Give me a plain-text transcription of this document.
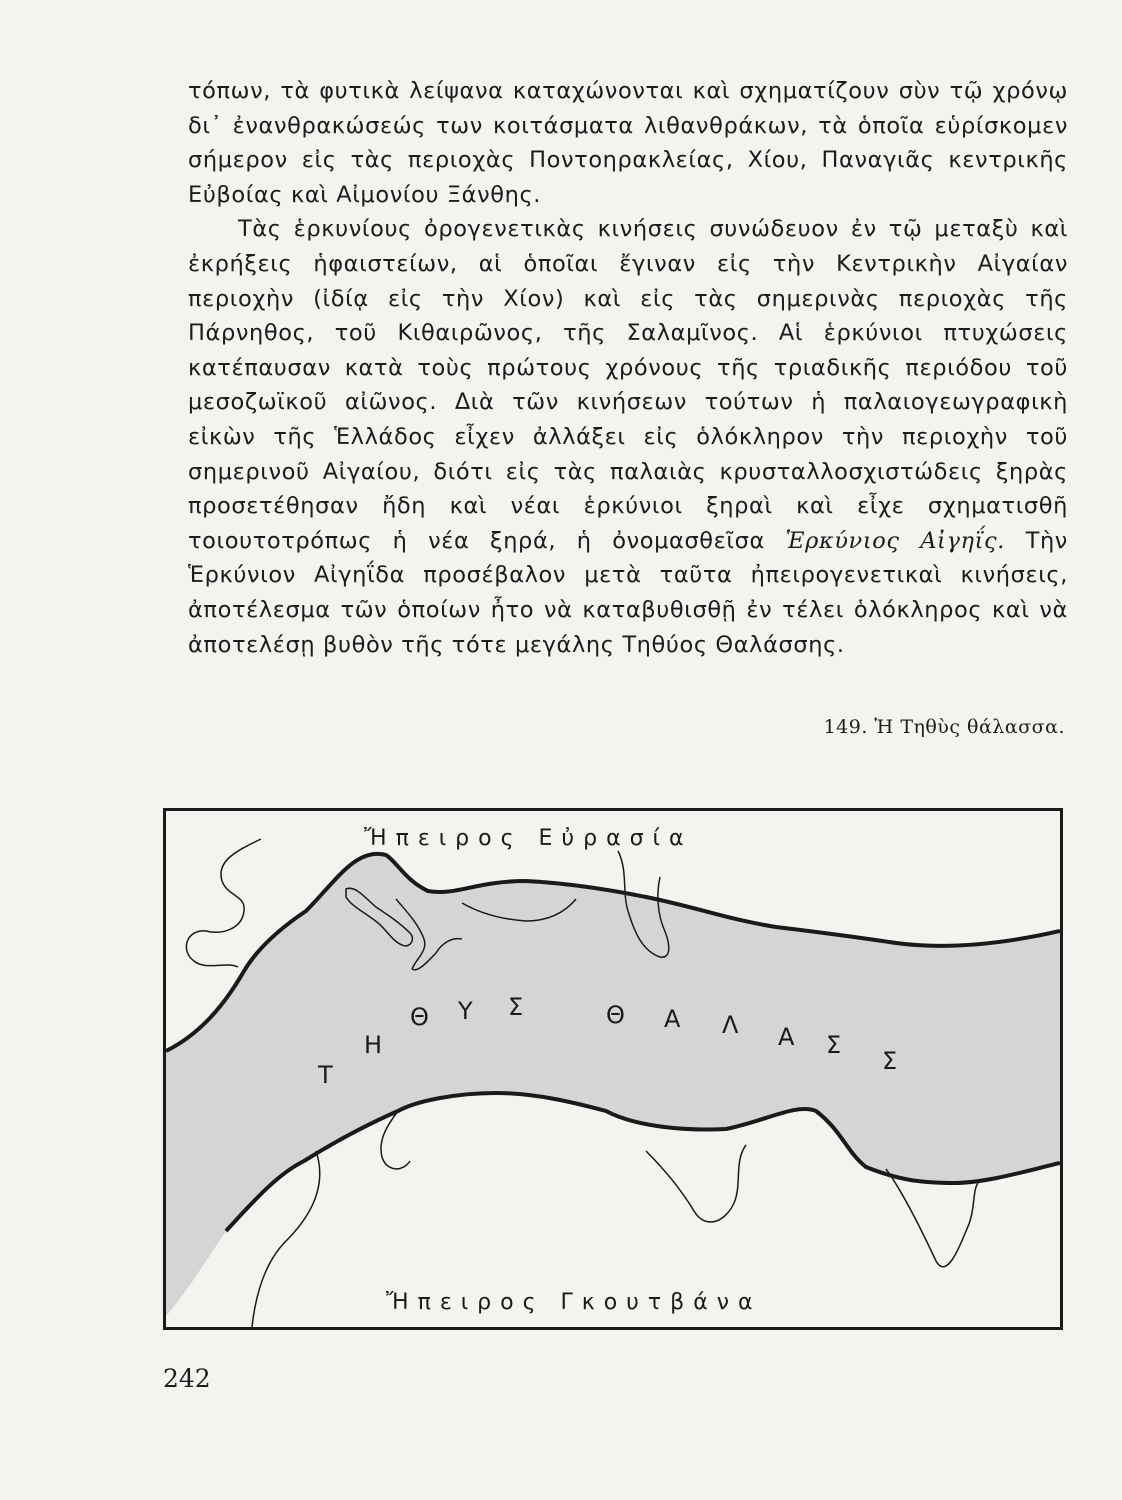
τόπων, τὰ φυτικὰ λείψανα καταχώνονται καὶ σχηματίζουν σὺν τῷ χρόνῳ δι᾽ ἐνανθρακώσεώς των κοιτάσματα λιθανθράκων, τὰ ὁποῖα εὑρίσκομεν σήμερον εἰς τὰς περιοχὰς Ποντοηρακλείας, Χίου, Παναγιᾶς κεντρικῆς Εὐβοίας καὶ Αἰμονίου Ξάνθης.

Τὰς ἑρκυνίους ὀρογενετικὰς κινήσεις συνώδευον ἐν τῷ μεταξὺ καὶ ἐκρήξεις ἡφαιστείων, αἱ ὁποῖαι ἔγιναν εἰς τὴν Κεντρικὴν Αἰγαίαν περιοχὴν (ἰδίᾳ εἰς τὴν Χίον) καὶ εἰς τὰς σημερινὰς περιοχὰς τῆς Πάρνηθος, τοῦ Κιθαιρῶνος, τῆς Σαλαμῖνος. Αἱ ἑρκύνιοι πτυχώσεις κατέπαυσαν κατὰ τοὺς πρώτους χρόνους τῆς τριαδικῆς περιόδου τοῦ μεσοζωϊκοῦ αἰῶνος. Διὰ τῶν κινήσεων τούτων ἡ παλαιογεωγραφικὴ εἰκὼν τῆς Ἑλλάδος εἶχεν ἀλλάξει εἰς ὁλόκληρον τὴν περιοχὴν τοῦ σημερινοῦ Αἰγαίου, διότι εἰς τὰς παλαιὰς κρυσταλλοσχιστώδεις ξηρὰς προσετέθησαν ἤδη καὶ νέαι ἑρκύνιοι ξηραὶ καὶ εἶχε σχηματισθῆ τοιουτοτρόπως ἡ νέα ξηρά, ἡ ὀνομασθεῖσα Ἑρκύνιος Αἰγηΐς. Τὴν Ἑρκύνιον Αἰγηΐδα προσέβαλον μετὰ ταῦτα ἠπειρογενετικαὶ κινήσεις, ἀποτέλεσμα τῶν ὁποίων ἦτο νὰ καταβυθισθῇ ἐν τέλει ὁλόκληρος καὶ νὰ ἀποτελέσῃ βυθὸν τῆς τότε μεγάλης Τηθύος Θαλάσσης.

149. Ἡ Τηθὺς θάλασσα.
Ἤπειρος Εὐρασία
Ἤπειρος Γκουτβάνα
Τ
Η
Θ Υ Σ	Θ Α Λ Α Σ
Σ
242
